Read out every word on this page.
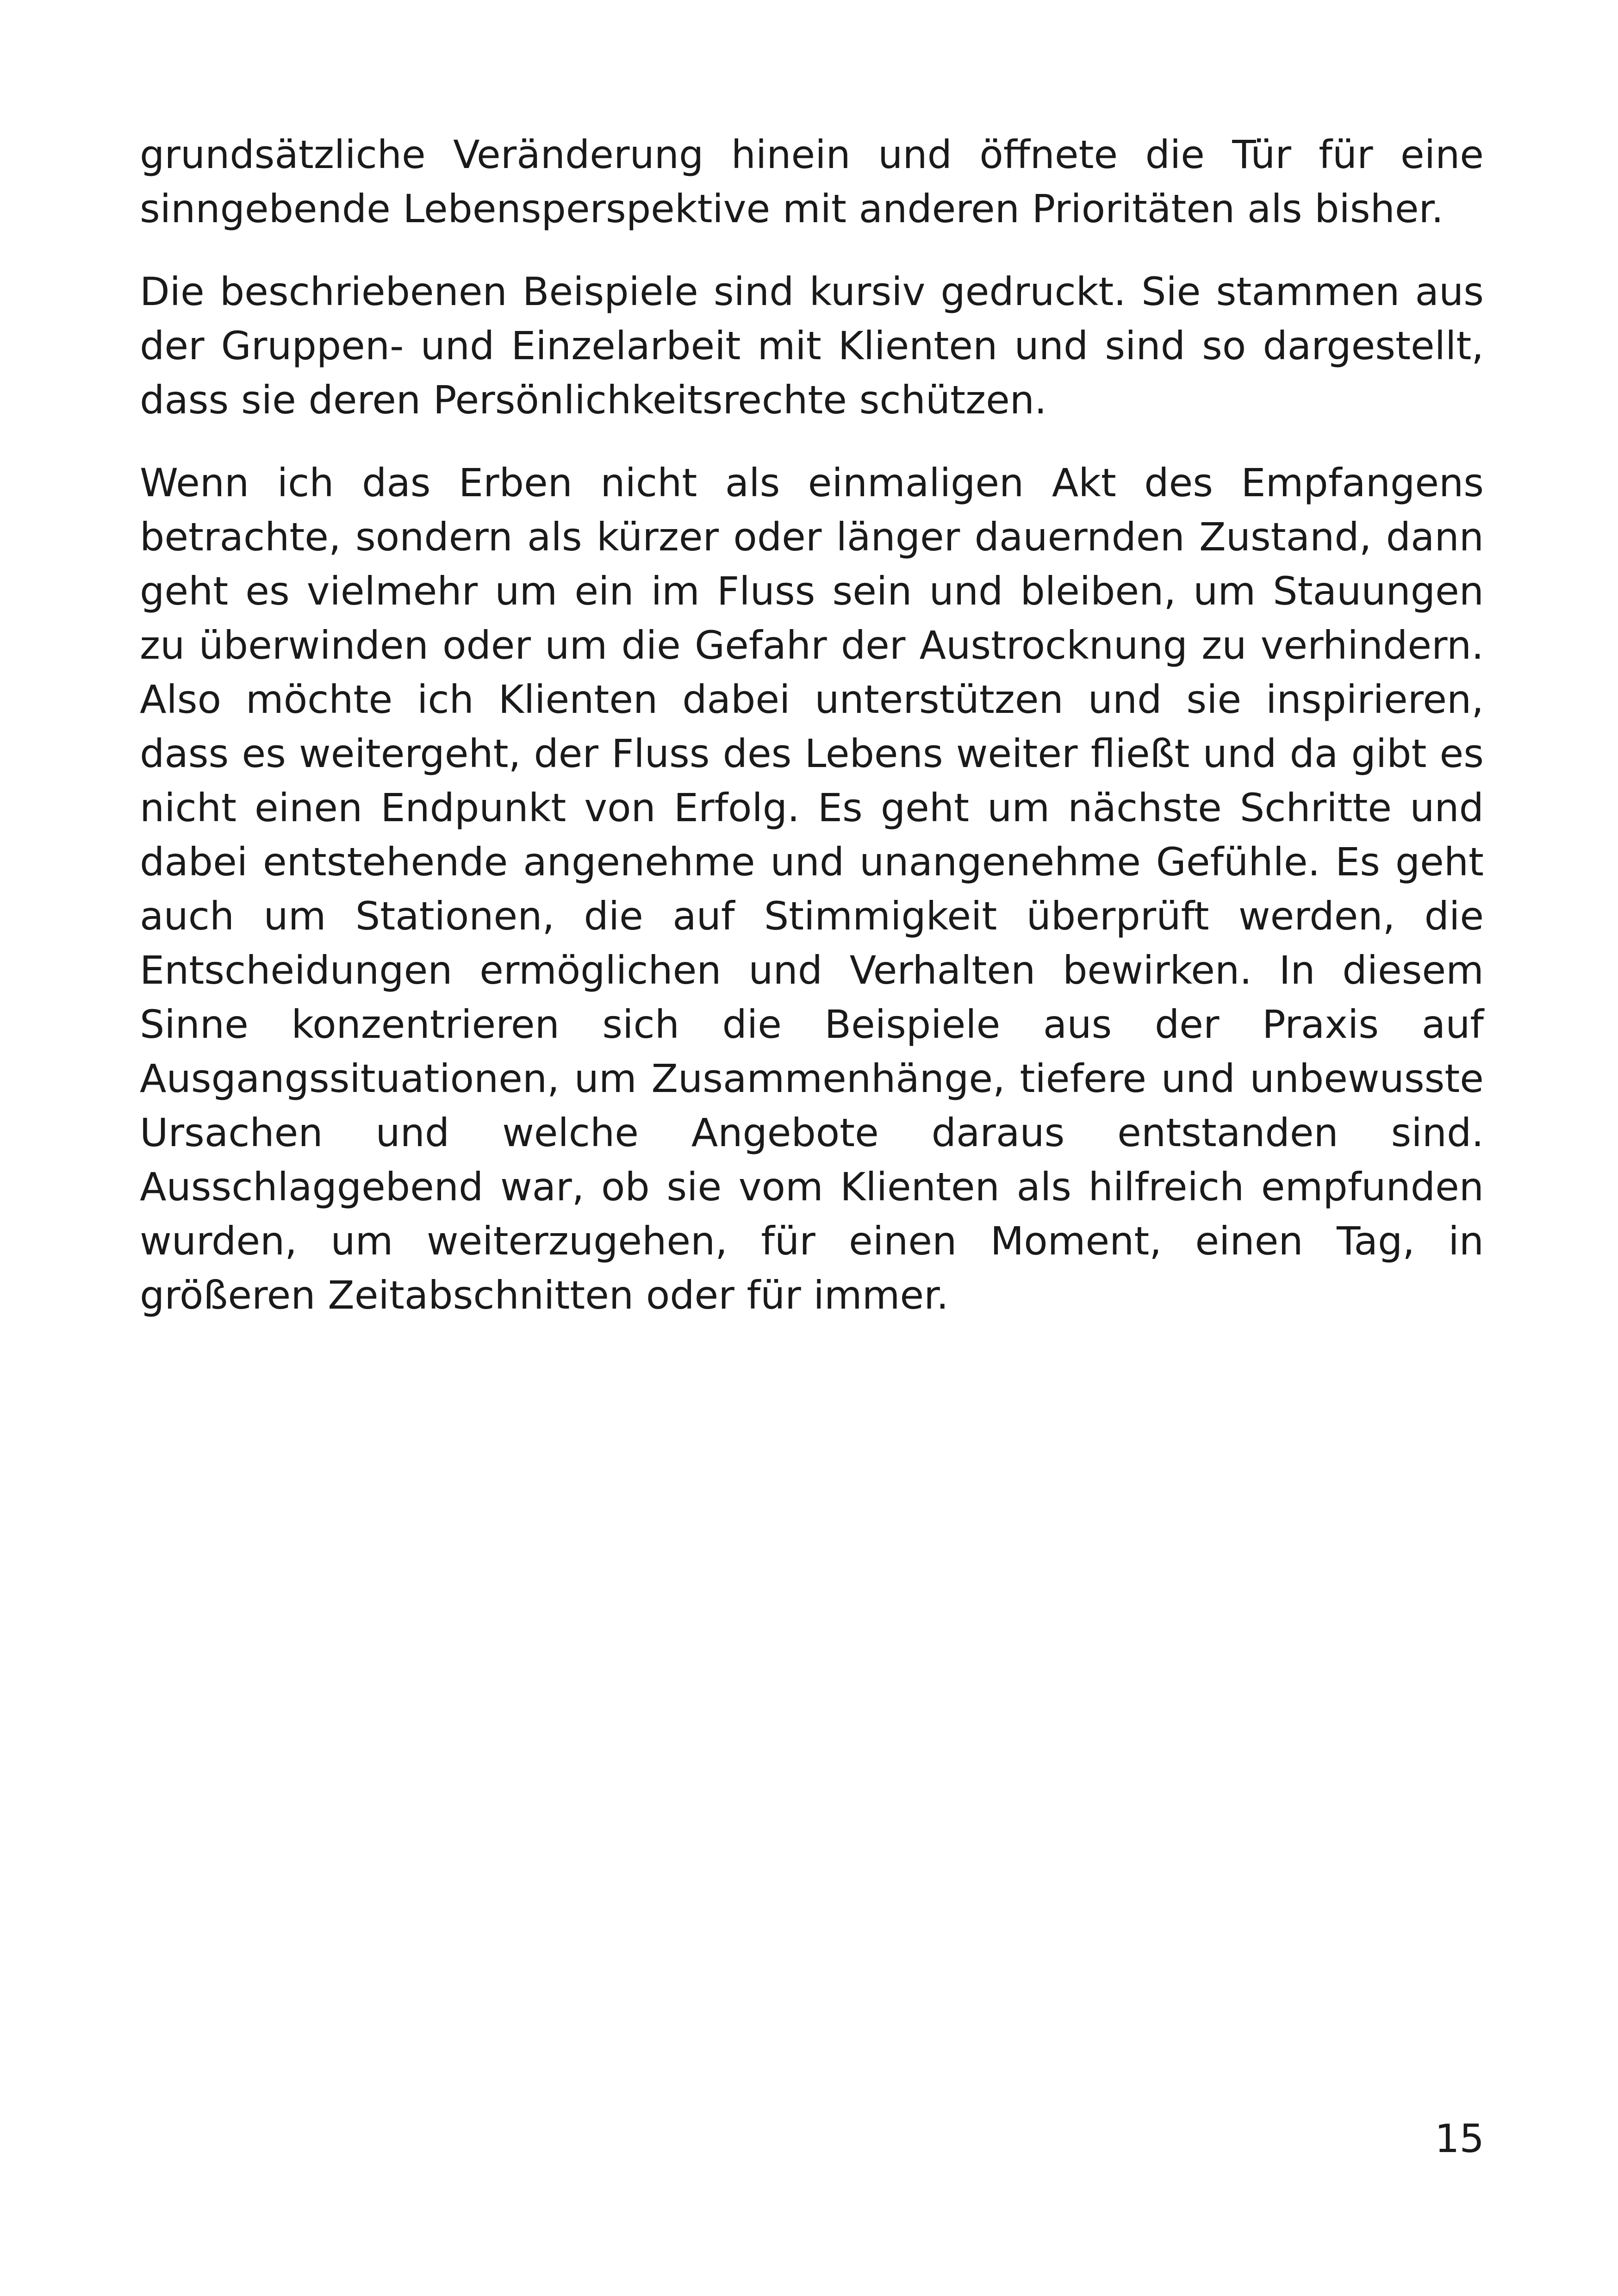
grundsätzliche Veränderung hinein und öffnete die Tür für eine sinngebende Lebensperspektive mit anderen Prioritäten als bisher.

Die beschriebenen Beispiele sind kursiv gedruckt. Sie stammen aus der Gruppen- und Einzelarbeit mit Klienten und sind so dargestellt, dass sie deren Persönlichkeitsrechte schützen.

Wenn ich das Erben nicht als einmaligen Akt des Empfangens betrachte, sondern als kürzer oder länger dauernden Zustand, dann geht es vielmehr um ein im Fluss sein und bleiben, um Stauungen zu überwinden oder um die Gefahr der Austrocknung zu verhindern. Also möchte ich Klienten dabei unterstützen und sie inspirieren, dass es weitergeht, der Fluss des Lebens weiter fließt und da gibt es nicht einen Endpunkt von Erfolg. Es geht um nächste Schritte und dabei entstehende angenehme und unangenehme Gefühle. Es geht auch um Stationen, die auf Stimmigkeit überprüft werden, die Entscheidungen ermöglichen und Verhalten bewirken. In diesem Sinne konzentrieren sich die Beispiele aus der Praxis auf Ausgangssituationen, um Zusammenhänge, tiefere und unbewusste Ursachen und welche Angebote daraus entstanden sind. Ausschlaggebend war, ob sie vom Klienten als hilfreich empfunden wurden, um weiterzugehen, für einen Moment, einen Tag, in größeren Zeitabschnitten oder für immer.

15
